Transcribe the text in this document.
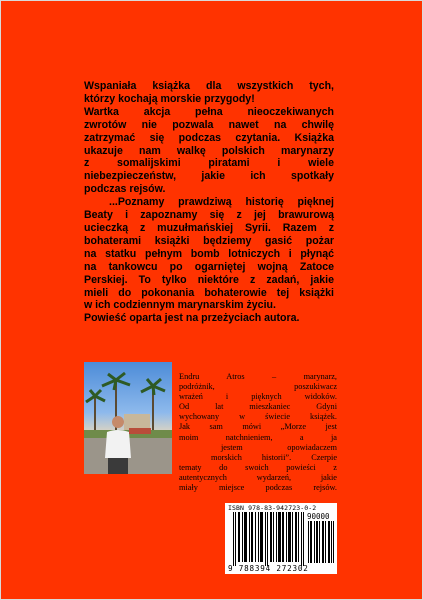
Wspaniała książka dla wszystkich tych,

którzy kochają morskie przygody!

Wartka akcja pełna nieoczekiwanych

zwrotów nie pozwala nawet na chwilę

zatrzymać się podczas czytania. Książka

ukazuje nam walkę polskich marynarzy

z somalijskimi piratami i wiele

niebezpieczeństw, jakie ich spotkały

podczas rejsów.

...Poznamy prawdziwą historię pięknej

Beaty i zapoznamy się z jej brawurową

ucieczką z muzułmańskiej Syrii. Razem z

bohaterami książki będziemy gasić pożar

na statku pełnym bomb lotniczych i płynąć

na tankowcu po ogarniętej wojną Zatoce

Perskiej. To tylko niektóre z zadań, jakie

mieli do pokonania bohaterowie tej książki

w ich codziennym marynarskim życiu.

Powieść oparta jest na przeżyciach autora.

Endru Atros – marynarz,

podróżnik, poszukiwacz

wrażeń i pięknych widoków.

Od lat mieszkaniec Gdyni

wychowany w świecie książek.

Jak sam mówi „Morze jest

moim natchnieniem, a ja

jestem opowiadaczem

morskich historii”. Czerpie

tematy do swoich powieści z

autentycznych wydarzeń, jakie

miały miejsce podczas rejsów.

ISBN 978-83-942723-0-2
90000
9 788394 272302
